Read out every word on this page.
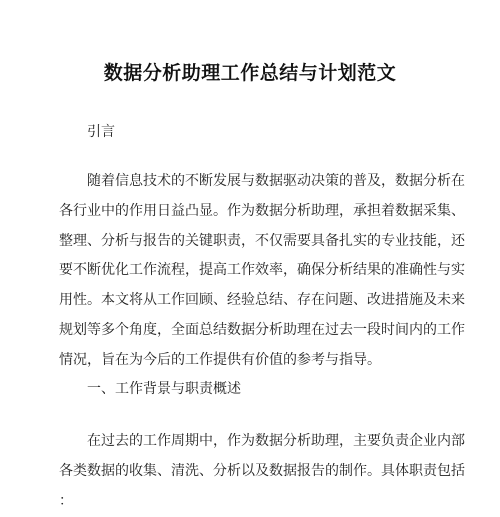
数据分析助理工作总结与计划范文
引言
随着信息技术的不断发展与数据驱动决策的普及，数据分析在
各行业中的作用日益凸显。作为数据分析助理，承担着数据采集、
整理、分析与报告的关键职责，不仅需要具备扎实的专业技能，还
要不断优化工作流程，提高工作效率，确保分析结果的准确性与实
用性。本文将从工作回顾、经验总结、存在问题、改进措施及未来
规划等多个角度，全面总结数据分析助理在过去一段时间内的工作
情况，旨在为今后的工作提供有价值的参考与指导。
一、工作背景与职责概述
在过去的工作周期中，作为数据分析助理，主要负责企业内部
各类数据的收集、清洗、分析以及数据报告的制作。具体职责包括
：
